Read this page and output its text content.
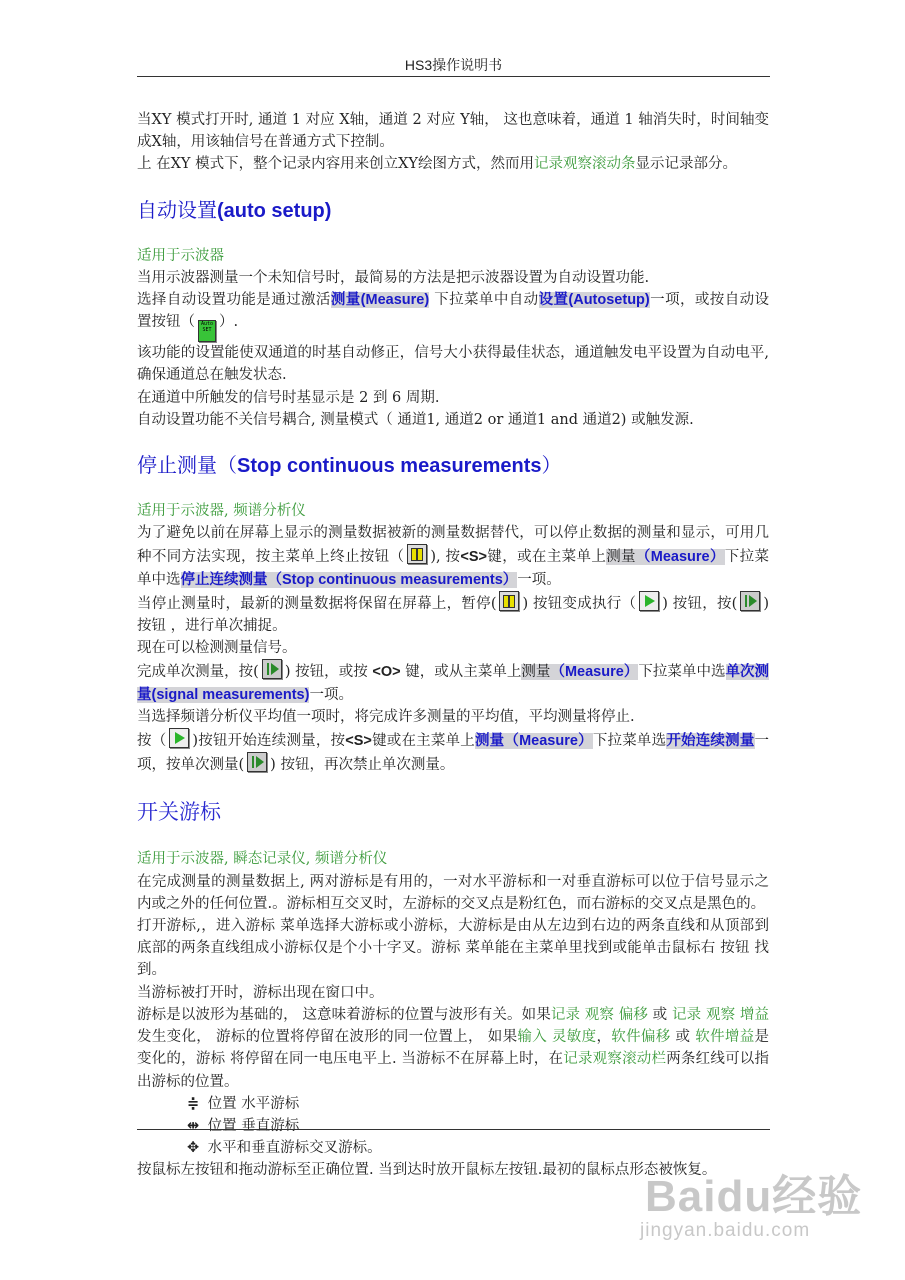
HS3操作说明书

当XY 模式打开时, 通道 1 对应 X轴，通道 2 对应 Y轴， 这也意味着，通道 1 轴消失时，时间轴变成X轴，用该轴信号在普通方式下控制。

上 在XY 模式下，整个记录内容用来创立XY绘图方式，然而用记录观察滚动条显示记录部分。

自动设置(auto setup)

适用于示波器

当用示波器测量一个未知信号时，最简易的方法是把示波器设置为自动设置功能.

选择自动设置功能是通过激活测量(Measure) 下拉菜单中自动设置(Autosetup)一项，或按自动设置按钮（ Auto SET ）.

该功能的设置能使双通道的时基自动修正，信号大小获得最佳状态，通道触发电平设置为自动电平, 确保通道总在触发状态.

在通道中所触发的信号时基显示是 2 到 6 周期.

自动设置功能不关信号耦合, 测量模式（ 通道1, 通道2 or 通道1 and 通道2) 或触发源.

停止测量（Stop continuous measurements）

适用于示波器, 频谱分析仪

为了避免以前在屏幕上显示的测量数据被新的测量数据替代，可以停止数据的测量和显示，可用几种不同方法实现，按主菜单上终止按钮（ ), 按<S>键，或在主菜单上测量（Measure）下拉菜单中选停止连续测量（Stop continuous measurements）一项。

当停止测量时，最新的测量数据将保留在屏幕上，暂停( ) 按钮变成执行（ ) 按钮，按( ) 按钮 ，进行单次捕捉。

现在可以检测测量信号。

完成单次测量，按( ) 按钮，或按 <O> 键，或从主菜单上测量（Measure）下拉菜单中选单次测量(signal measurements)一项。

当选择频谱分析仪平均值一项时，将完成许多测量的平均值，平均测量将停止.

按（ )按钮开始连续测量，按<S>键或在主菜单上测量（Measure）下拉菜单选开始连续测量一项，按单次测量( ) 按钮，再次禁止单次测量。

开关游标

适用于示波器, 瞬态记录仪, 频谱分析仪

在完成测量的测量数据上, 两对游标是有用的，一对水平游标和一对垂直游标可以位于信号显示之内或之外的任何位置.。游标相互交叉时，左游标的交叉点是粉红色，而右游标的交叉点是黑色的。

打开游标,，进入游标 菜单选择大游标或小游标，大游标是由从左边到右边的两条直线和从顶部到底部的两条直线组成小游标仅是个小十字叉。游标 菜单能在主菜单里找到或能单击鼠标右 按钮 找到。

当游标被打开时，游标出现在窗口中。

游标是以波形为基础的， 这意味着游标的位置与波形有关。如果记录 观察 偏移 或 记录 观察 增益 发生变化， 游标的位置将停留在波形的同一位置上， 如果输入 灵敏度，软件偏移 或 软件增益是变化的，游标 将停留在同一电压电平上. 当游标不在屏幕上时，在记录观察滚动栏两条红线可以指出游标的位置。

≑ 位置 水平游标

⇹ 位置 垂直游标

✥ 水平和垂直游标交叉游标。

按鼠标左按钮和拖动游标至正确位置. 当到达时放开鼠标左按钮.最初的鼠标点形态被恢复。

Baidu经验
jingyan.baidu.com
